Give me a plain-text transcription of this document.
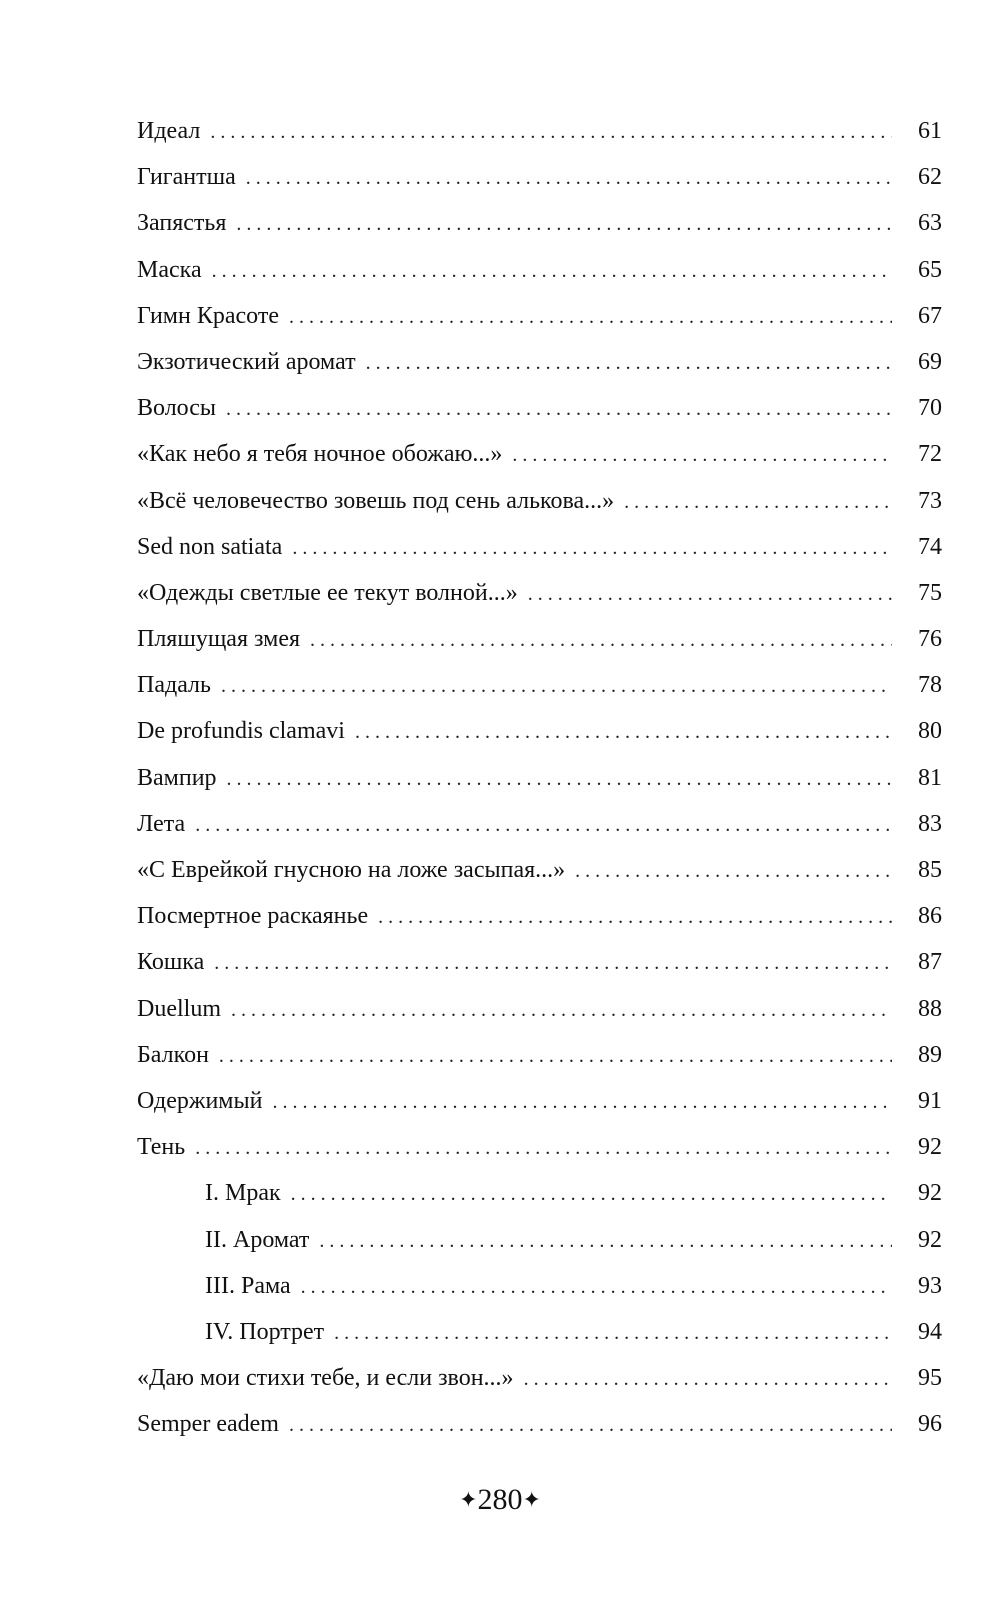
Идеал . . .	61
Гигантша . . .	62
Запястья . . .	63
Маска . . .	65
Гимн Красоте . . .	67
Экзотический аромат . . .	69
Волосы . . .	70
«Как небо я тебя ночное обожаю...» . . .	72
«Всё человечество зовешь под сень алькова...» . . .	73
Sed non satiata . . .	74
«Одежды светлые ее текут волной...» . . .	75
Пляшущая змея . . .	76
Падаль . . .	78
De profundis clamavi . . .	80
Вампир . . .	81
Лета . . .	83
«С Еврейкой гнусною на ложе засыпая...» . . .	85
Посмертное раскаянье . . .	86
Кошка . . .	87
Duellum . . .	88
Балкон . . .	89
Одержимый . . .	91
Тень . . .	92
I. Мрак . . .	92
II. Аромат . . .	92
III. Рама . . .	93
IV. Портрет . . .	94
«Даю мои стихи тебе, и если звон...» . . .	95
Semper eadem . . .	96
✦280✦
